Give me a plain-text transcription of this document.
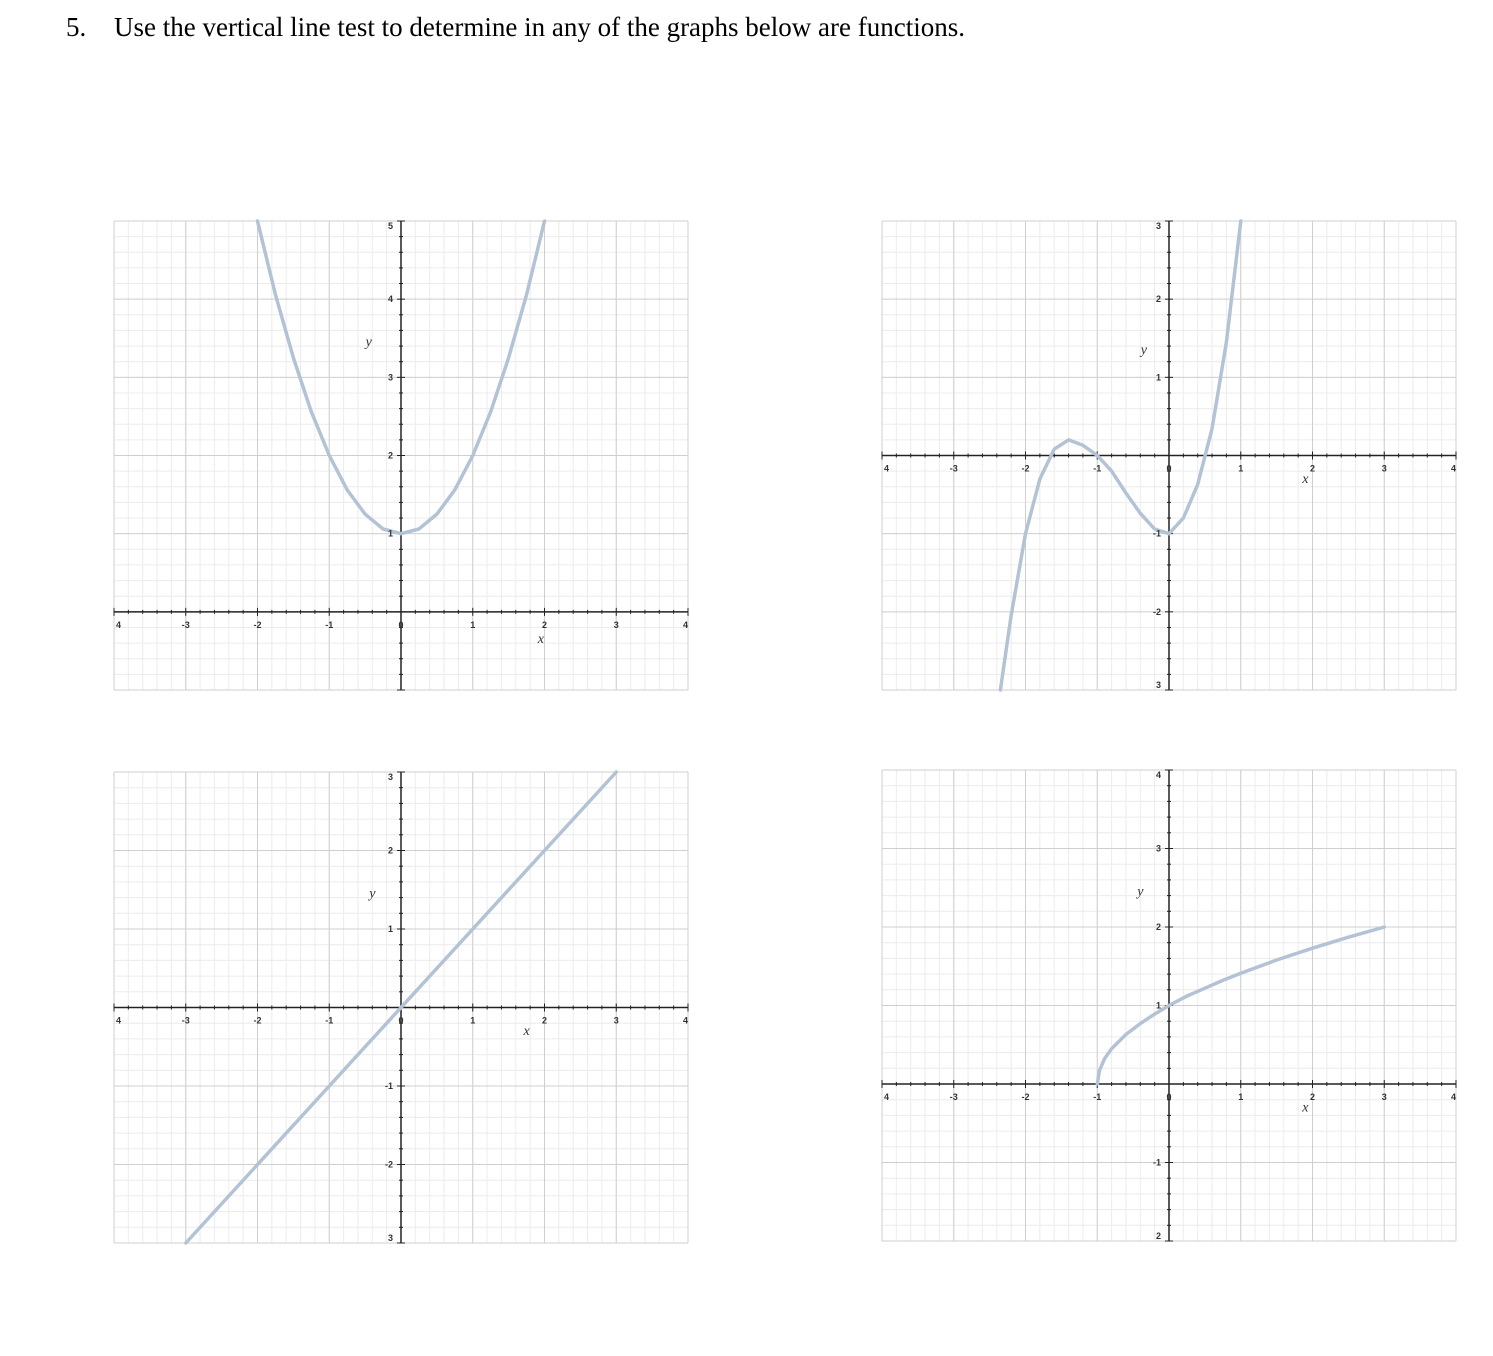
5. Use the vertical line test to determine in any of the graphs below are functions.
4	-3	-2	-1	0	1	2	3	4
1
2
3
4
5
x
y
4	-3	-2	-1	0	1	2	3	4
3
-2
-1
1
2
3
x
y
4	-3	-2	-1	0	1	2	3	4
3
-2
-1
1
2
3
x
y
4	-3	-2	-1	0	1	2	3	4
2
-1
1
2
3
4
x
y
